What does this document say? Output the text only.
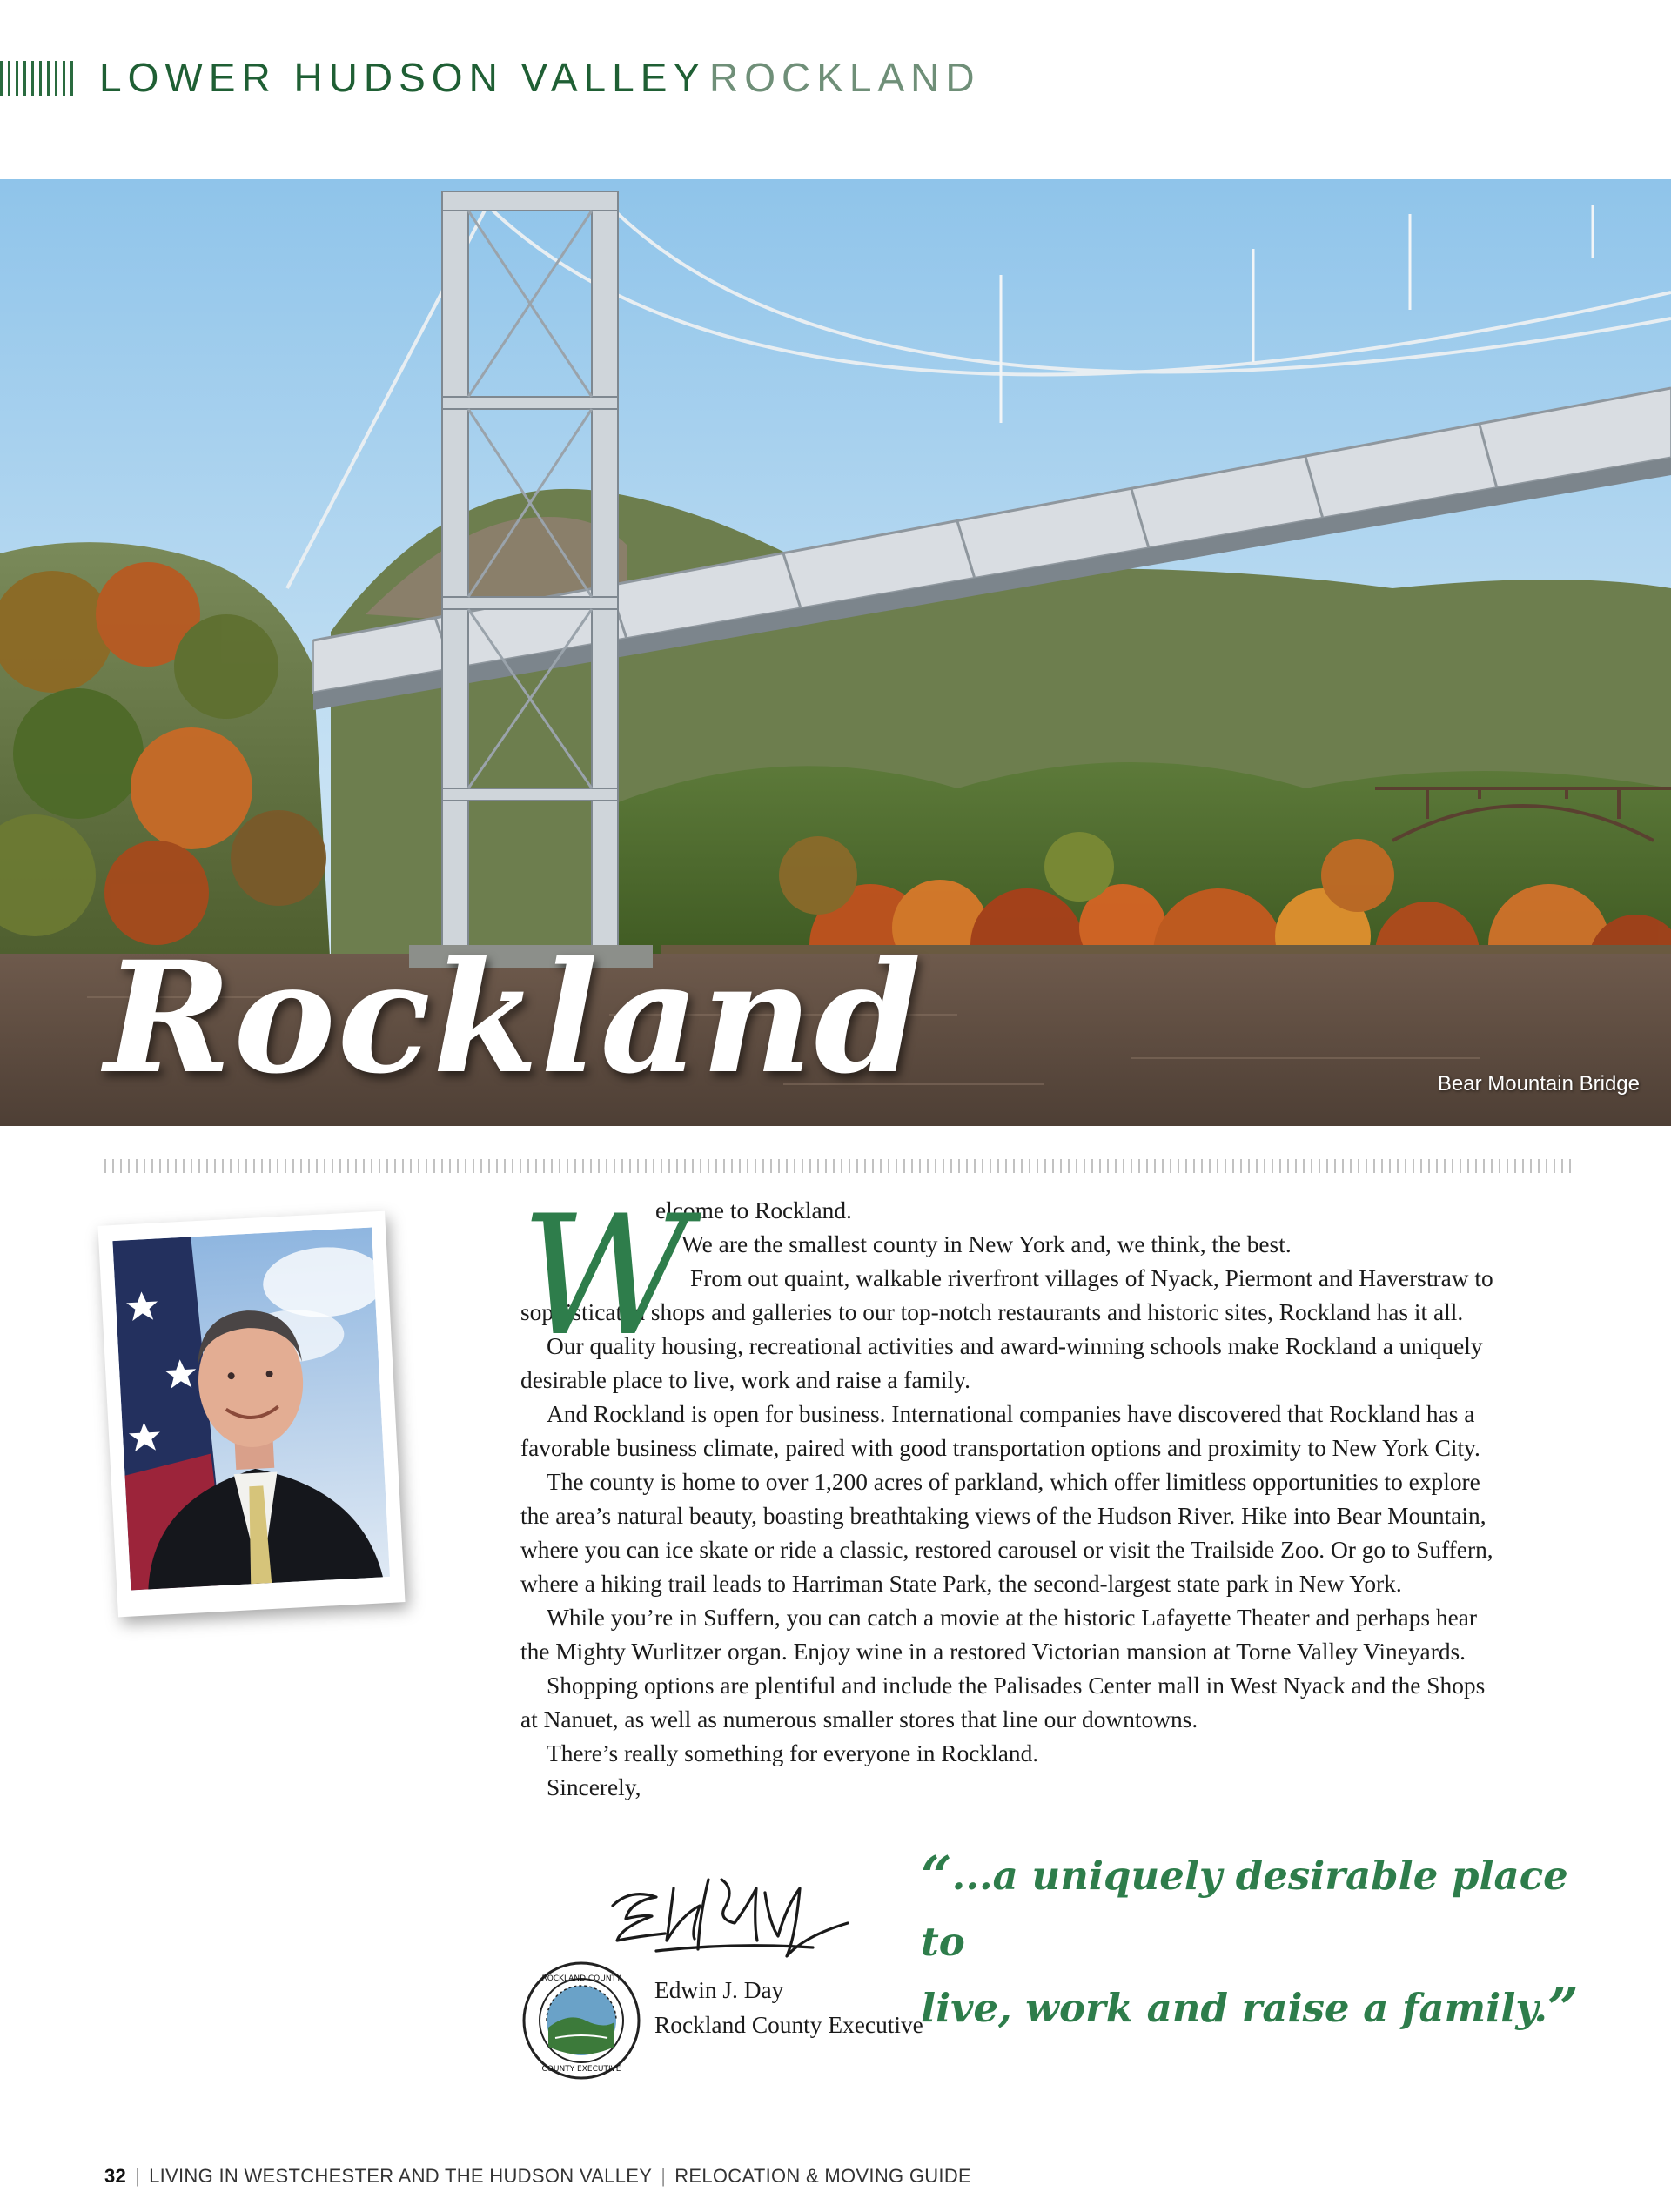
LOWER HUDSON VALLEY ROCKLAND
Rockland	Bear Mountain Bridge
W
elcome to Rockland.
We are the smallest county in New York and, we think, the best.
From out quaint, walkable riverfront villages of Nyack, Piermont and Haverstraw to
sophisticated shops and galleries to our top-notch restaurants and historic sites, Rockland has it all.
Our quality housing, recreational activities and award-winning schools make Rockland a uniquely
desirable place to live, work and raise a family.
And Rockland is open for business. International companies have discovered that Rockland has a
favorable business climate, paired with good transportation options and proximity to New York City.
The county is home to over 1,200 acres of parkland, which offer limitless opportunities to explore
the area’s natural beauty, boasting breathtaking views of the Hudson River. Hike into Bear Mountain,
where you can ice skate or ride a classic, restored carousel or visit the Trailside Zoo. Or go to Suffern,
where a hiking trail leads to Harriman State Park, the second-largest state park in New York.
While you’re in Suffern, you can catch a movie at the historic Lafayette Theater and perhaps hear
the Mighty Wurlitzer organ. Enjoy wine in a restored Victorian mansion at Torne Valley Vineyards.
Shopping options are plentiful and include the Palisades Center mall in West Nyack and the Shops
at Nanuet, as well as numerous smaller stores that line our downtowns.
There’s really something for everyone in Rockland.
Sincerely,
ROCKLAND COUNTY
COUNTY EXECUTIVE
Edwin J. Day
Rockland County Executive
“...a uniquely desirable place to
live, work and raise a family.”
32 | LIVING IN WESTCHESTER AND THE HUDSON VALLEY | RELOCATION & MOVING GUIDE
